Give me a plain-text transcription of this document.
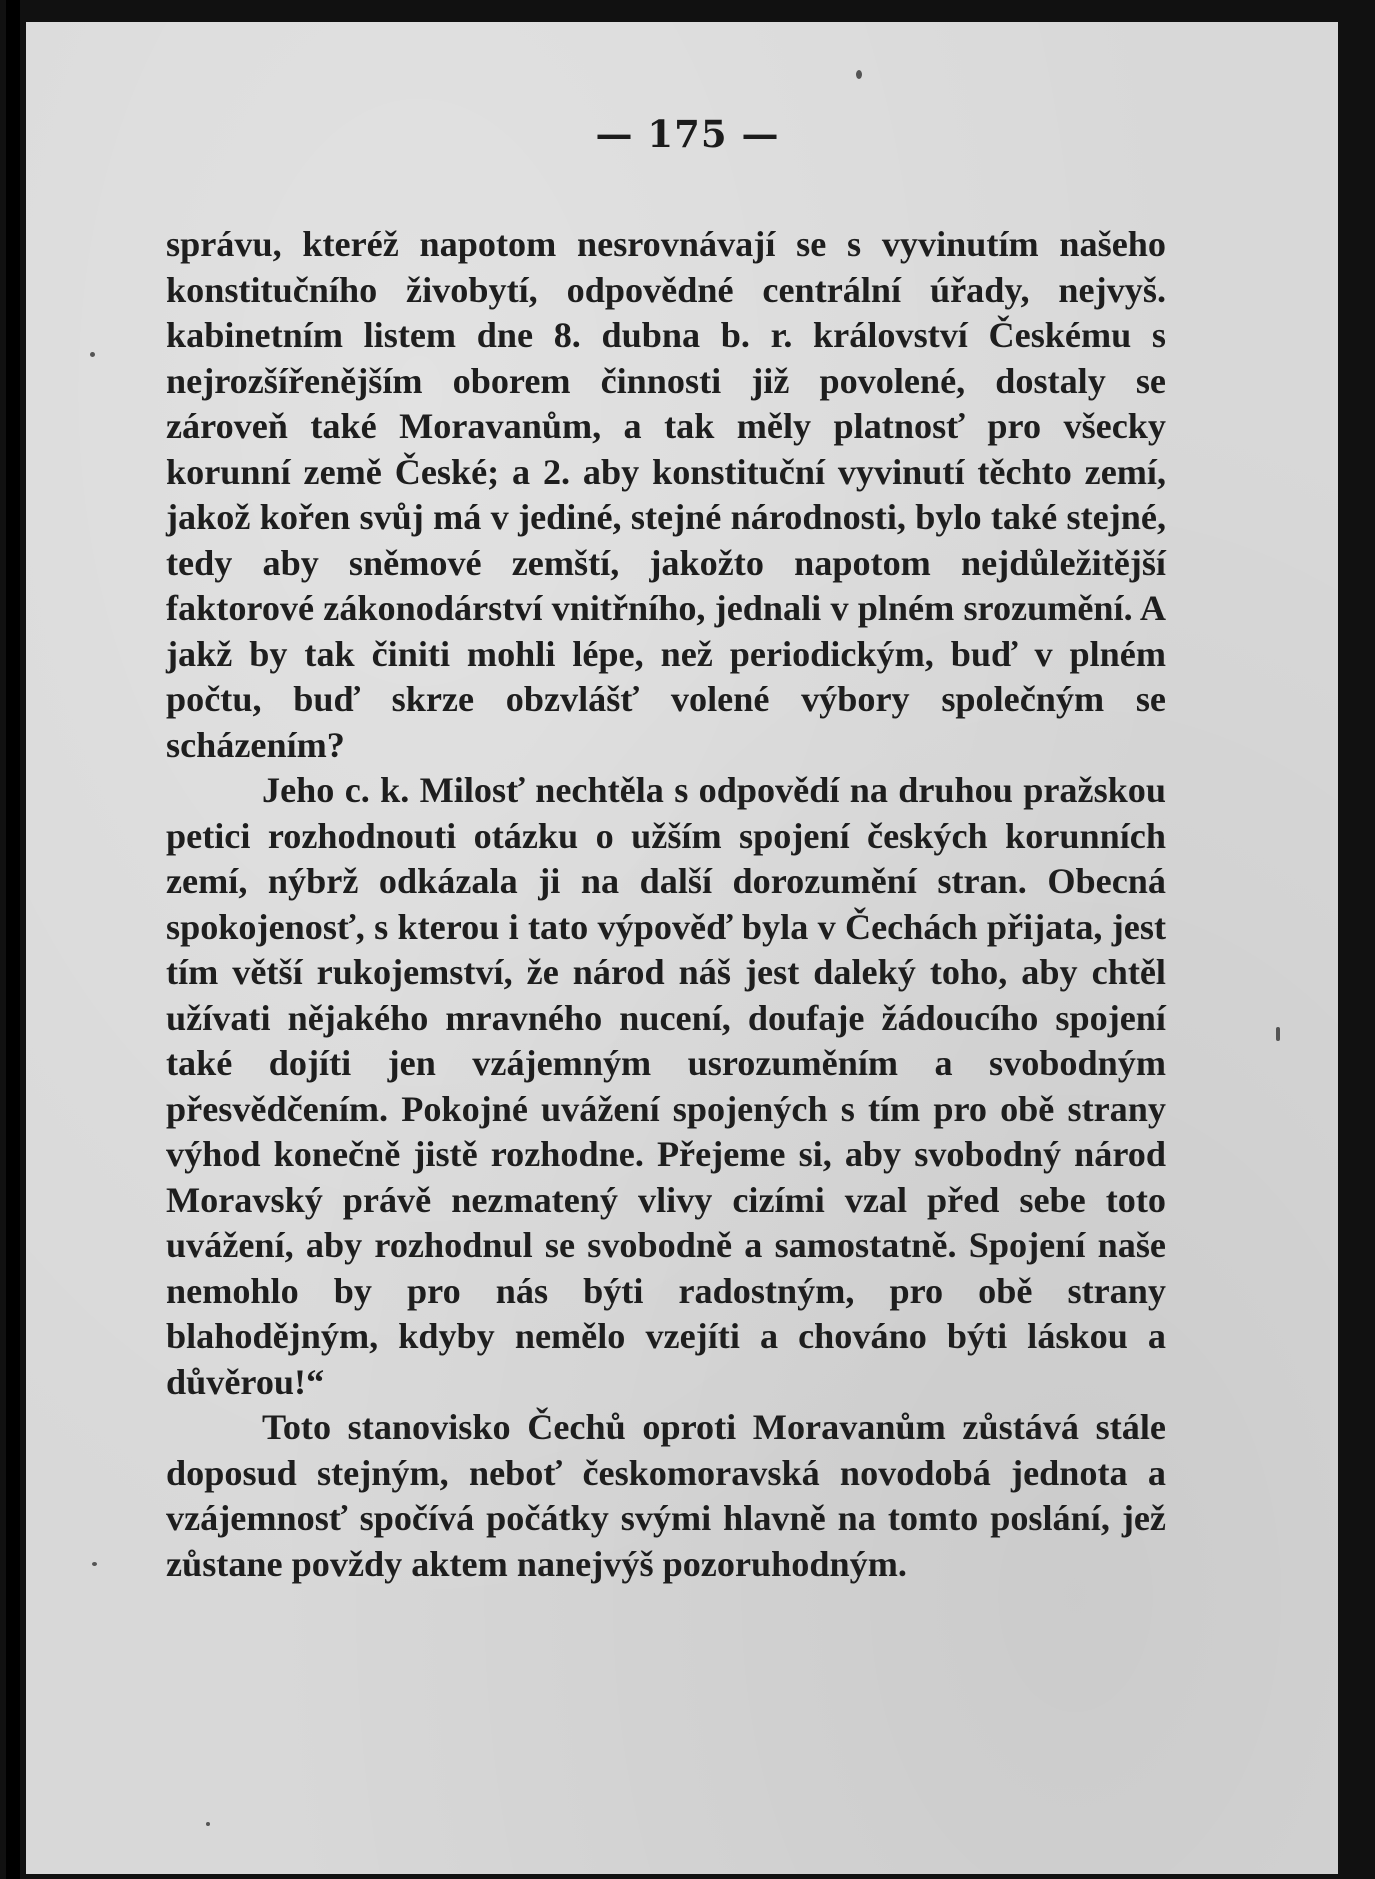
— 175 —

správu, kteréž napotom nesrovnávají se s vyvinutím našeho konstitučního živobytí, odpovědné centrální úřady, nejvyš. kabinetním listem dne 8. dubna b. r. království Českému s nejrozšířenějším oborem činnosti již povolené, dostaly se zároveň také Moravanům, a tak měly platnosť pro všecky korunní země České; a 2. aby konstituční vyvinutí těchto zemí, jakož kořen svůj má v jediné, stejné národnosti, bylo také stejné, tedy aby sněmové zemští, jakožto napotom nejdůležitější faktorové zákonodárství vnitřního, jednali v plném srozumění. A jakž by tak činiti mohli lépe, než periodickým, buď v plném počtu, buď skrze obzvlášť volené výbory společným se scházením?

Jeho c. k. Milosť nechtěla s odpovědí na druhou pražskou petici rozhodnouti otázku o užším spojení českých korunních zemí, nýbrž odkázala ji na další dorozumění stran. Obecná spokojenosť, s kterou i tato výpověď byla v Čechách přijata, jest tím větší rukojemství, že národ náš jest daleký toho, aby chtěl užívati nějakého mravného nucení, doufaje žádoucího spojení také dojíti jen vzájemným usrozuměním a svobodným přesvědčením. Pokojné uvážení spojených s tím pro obě strany výhod konečně jistě rozhodne. Přejeme si, aby svobodný národ Moravský právě nezmatený vlivy cizími vzal před sebe toto uvážení, aby rozhodnul se svobodně a samostatně. Spojení naše nemohlo by pro nás býti radostným, pro obě strany blahodějným, kdyby nemělo vzejíti a chováno býti láskou a důvěrou!“

Toto stanovisko Čechů oproti Moravanům zůstává stále doposud stejným, neboť českomoravská novodobá jednota a vzájemnosť spočívá počátky svými hlavně na tomto poslání, jež zůstane povždy aktem nanejvýš pozoruhodným.
